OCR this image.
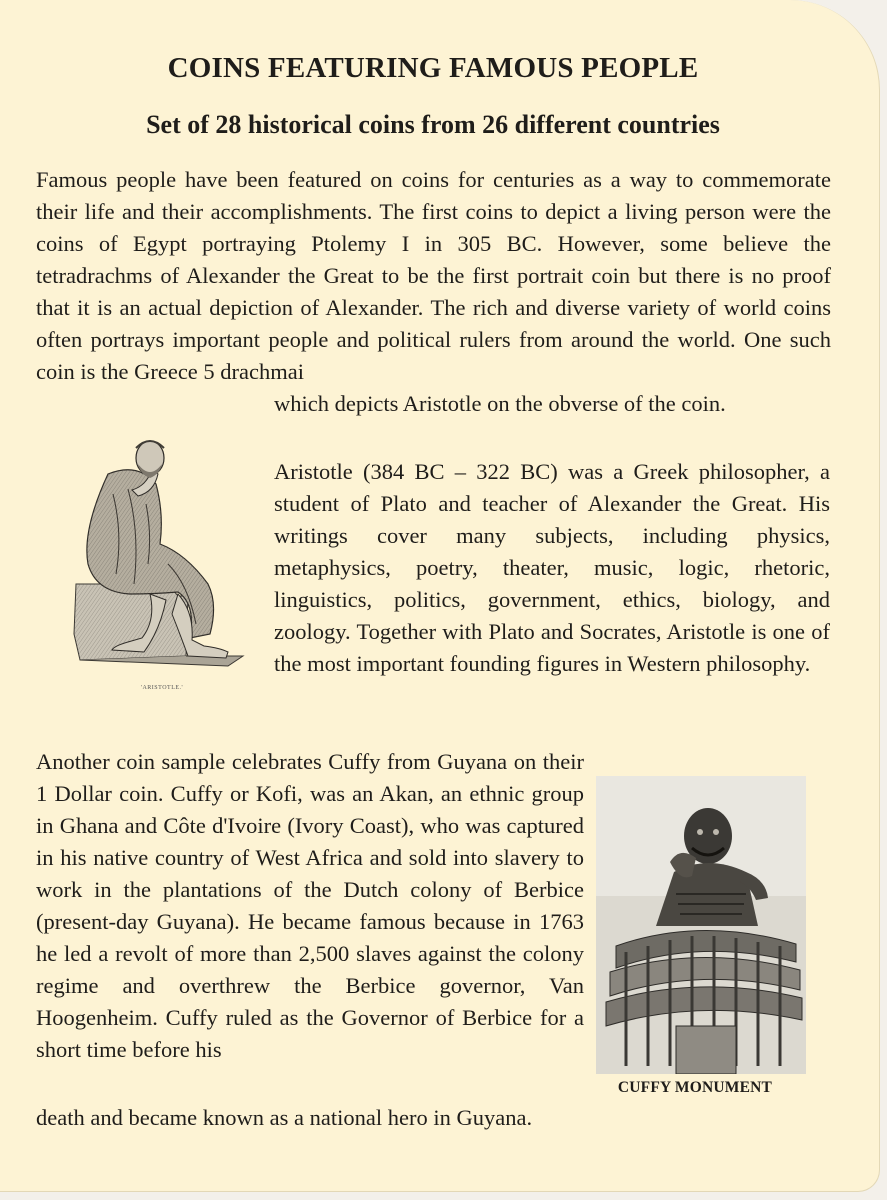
COINS FEATURING FAMOUS PEOPLE
Set of 28 historical coins from 26 different countries

Famous people have been featured on coins for centuries as a way to commemorate their life and their accomplishments. The first coins to depict a living person were the coins of Egypt portraying Ptolemy I in 305 BC. However, some believe the tetradrachms of Alexander the Great to be the first portrait coin but there is no proof that it is an actual depiction of Alexander. The rich and diverse variety of world coins often portrays important people and political rulers from around the world. One such coin is the Greece 5 drachmai

which depicts Aristotle on the obverse of the coin.

'ARISTOTLE.'

Aristotle (384 BC – 322 BC) was a Greek philosopher, a student of Plato and teacher of Alexander the Great. His writings cover many subjects, including physics, metaphysics, poetry, theater, music, logic, rhetoric, linguistics, politics, government, ethics, biology, and zoology. Together with Plato and Socrates, Aristotle is one of the most important founding figures in Western philosophy.

Another coin sample celebrates Cuffy from Guyana on their 1 Dollar coin. Cuffy or Kofi, was an Akan, an ethnic group in Ghana and Côte d'Ivoire (Ivory Coast), who was captured in his native country of West Africa and sold into slavery to work in the plantations of the Dutch colony of Berbice (present-day Guyana). He became famous because in 1763 he led a revolt of more than 2,500 slaves against the colony regime and overthrew the Berbice governor, Van Hoogenheim. Cuffy ruled as the Governor of Berbice for a short time before his

death and became known as a national hero in Guyana.

CUFFY MONUMENT
